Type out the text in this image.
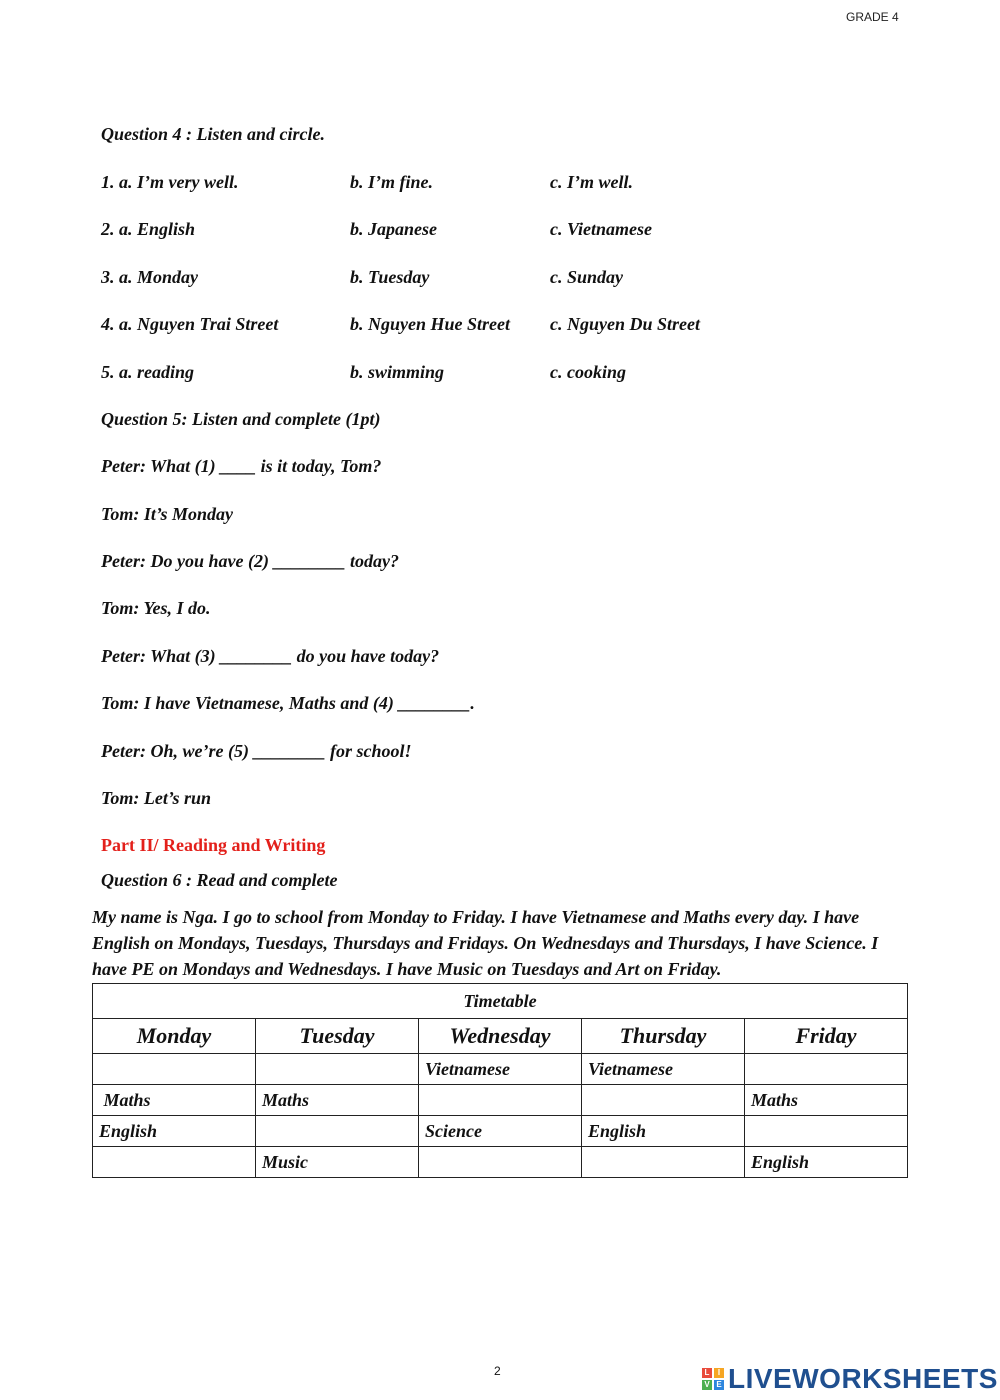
GRADE 4
Question 4 : Listen and circle.
1. a. I’m very well.	b. I’m fine.	c. I’m well.
2. a. English	b. Japanese	c. Vietnamese
3. a. Monday	b. Tuesday	c. Sunday
4. a. Nguyen Trai Street	b. Nguyen Hue Street c. Nguyen Du Street
5. a. reading	b. swimming	c. cooking
Question 5: Listen and complete (1pt)
Peter: What (1) ____ is it today, Tom?
Tom: It’s Monday
Peter: Do you have (2) ________ today?
Tom: Yes, I do.
Peter: What (3) ________ do you have today?
Tom: I have Vietnamese, Maths and (4) ________.
Peter: Oh, we’re (5) ________ for school!
Tom: Let’s run
Part II/ Reading and Writing
Question 6 : Read and complete
My name is Nga. I go to school from Monday to Friday. I have Vietnamese and Maths every day. I have English on Mondays, Tuesdays, Thursdays and Fridays. On Wednesdays and Thursdays, I have Science. I have PE on Mondays and Wednesdays. I have Music on Tuesdays and Art on Friday.
Timetable				
Monday	Tuesday	Wednesday	Thursday	Friday
		Vietnamese	Vietnamese	
Maths	Maths			Maths
English		Science	English	
	Music			English
2	L	I
V E LIVEWORKSHEETS
